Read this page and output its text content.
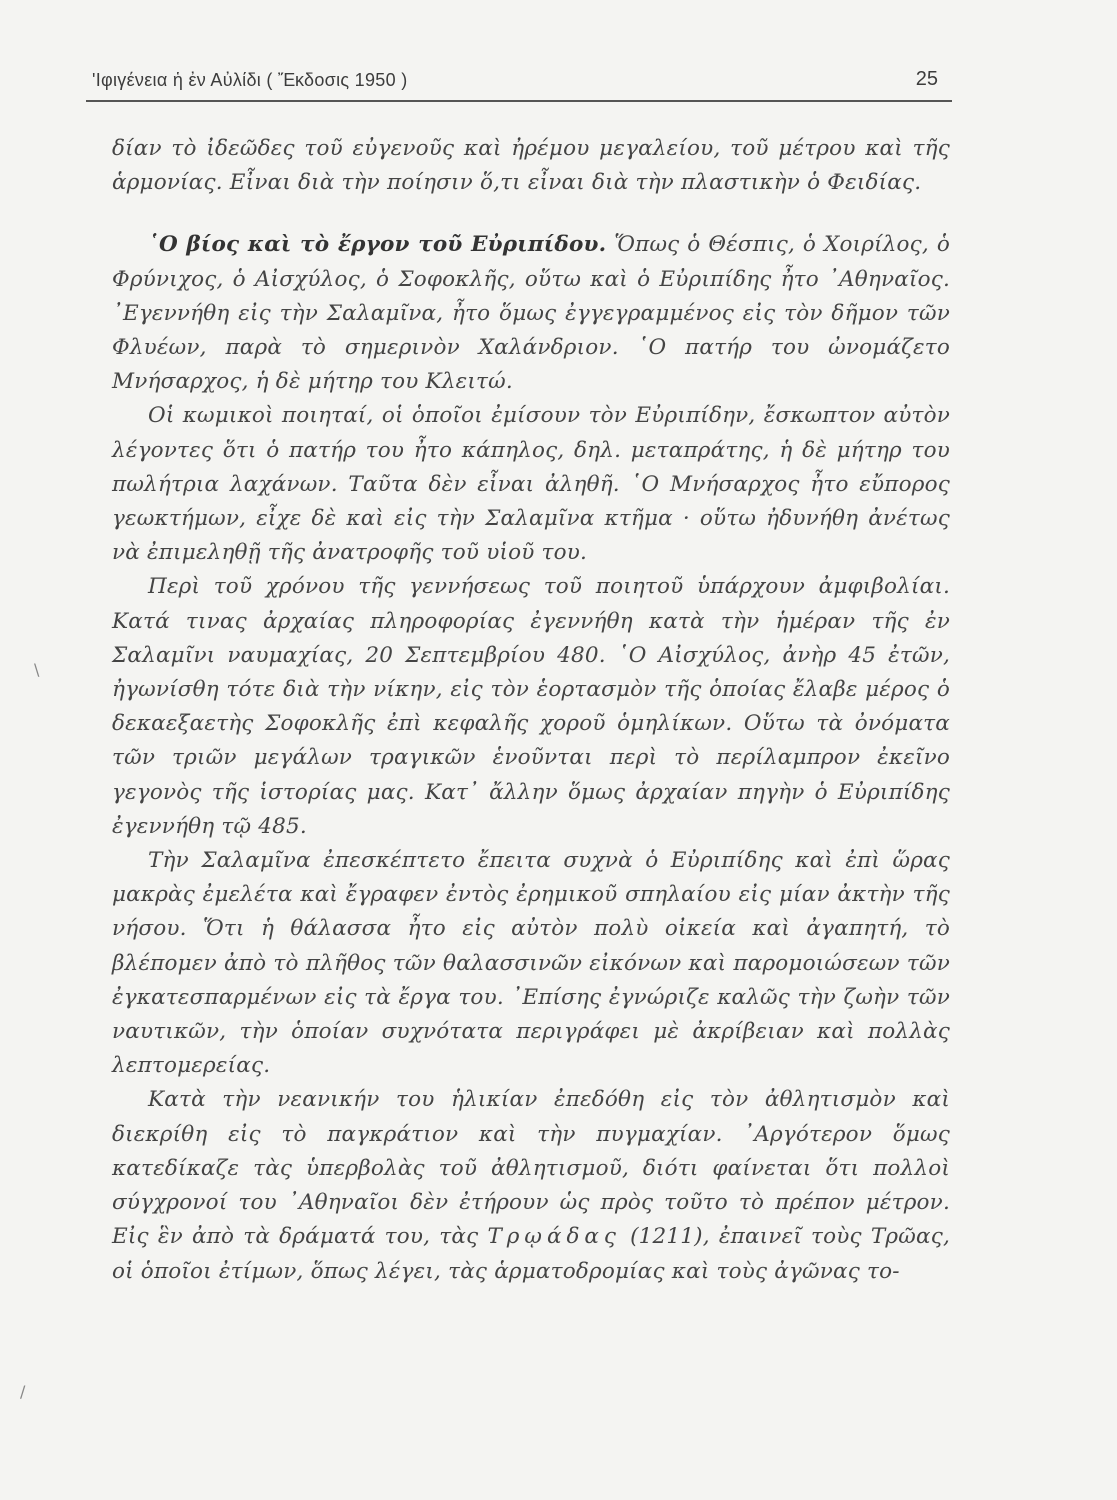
'Ιφιγένεια ἡ ἐν Αὐλίδι ( Ἔκδοσις 1950 )	25

δίαν τὸ ἰδεῶδες τοῦ εὐγενοῦς καὶ ἠρέμου μεγαλείου, τοῦ μέτρου καὶ τῆς ἁρμονίας. Εἶναι διὰ τὴν ποίησιν ὅ,τι εἶναι διὰ τὴν πλαστικὴν ὁ Φειδίας.

῾Ο βίος καὶ τὸ ἔργον τοῦ Εὐριπίδου. Ὅπως ὁ Θέσπις, ὁ Χοιρίλος, ὁ Φρύνιχος, ὁ Αἰσχύλος, ὁ Σοφοκλῆς, οὕτω καὶ ὁ Εὐριπίδης ἦτο ᾿Αθηναῖος. ᾿Εγεννήθη εἰς τὴν Σαλαμῖνα, ἦτο ὅμως ἐγγεγραμμένος εἰς τὸν δῆμον τῶν Φλυέων, παρὰ τὸ σημερινὸν Χαλάνδριον. ῾Ο πατήρ του ὠνομάζετο Μνήσαρχος, ἡ δὲ μήτηρ του Κλειτώ.

Οἱ κωμικοὶ ποιηταί, οἱ ὁποῖοι ἐμίσουν τὸν Εὐριπίδην, ἔσκωπτον αὐτὸν λέγοντες ὅτι ὁ πατήρ του ἦτο κάπηλος, δηλ. μεταπράτης, ἡ δὲ μήτηρ του πωλήτρια λαχάνων. Ταῦτα δὲν εἶναι ἀληθῆ. ῾Ο Μνήσαρχος ἦτο εὔπορος γεωκτήμων, εἶχε δὲ καὶ εἰς τὴν Σαλαμῖνα κτῆμα · οὕτω ἠδυνήθη ἀνέτως νὰ ἐπιμεληθῇ τῆς ἀνατροφῆς τοῦ υἱοῦ του.

Περὶ τοῦ χρόνου τῆς γεννήσεως τοῦ ποιητοῦ ὑπάρχουν ἀμφιβολίαι. Κατά τινας ἀρχαίας πληροφορίας ἐγεννήθη κατὰ τὴν ἡμέραν τῆς ἐν Σαλαμῖνι ναυμαχίας, 20 Σεπτεμβρίου 480. ῾Ο Αἰσχύλος, ἀνὴρ 45 ἐτῶν, ἠγωνίσθη τότε διὰ τὴν νίκην, εἰς τὸν ἑορτασμὸν τῆς ὁποίας ἔλαβε μέρος ὁ δεκαεξαετὴς Σοφοκλῆς ἐπὶ κεφαλῆς χοροῦ ὁμηλίκων. Οὕτω τὰ ὀνόματα τῶν τριῶν μεγάλων τραγικῶν ἑνοῦνται περὶ τὸ περίλαμπρον ἐκεῖνο γεγονὸς τῆς ἱστορίας μας. Κατ᾿ ἄλλην ὅμως ἀρχαίαν πηγὴν ὁ Εὐριπίδης ἐγεννήθη τῷ 485.

Τὴν Σαλαμῖνα ἐπεσκέπτετο ἔπειτα συχνὰ ὁ Εὐριπίδης καὶ ἐπὶ ὥρας μακρὰς ἐμελέτα καὶ ἔγραφεν ἐντὸς ἐρημικοῦ σπηλαίου εἰς μίαν ἀκτὴν τῆς νήσου. Ὅτι ἡ θάλασσα ἦτο εἰς αὐτὸν πολὺ οἰκεία καὶ ἀγαπητή, τὸ βλέπομεν ἀπὸ τὸ πλῆθος τῶν θαλασσινῶν εἰκόνων καὶ παρομοιώσεων τῶν ἐγκατεσπαρμένων εἰς τὰ ἔργα του. ᾿Επίσης ἐγνώριζε καλῶς τὴν ζωὴν τῶν ναυτικῶν, τὴν ὁποίαν συχνότατα περιγράφει μὲ ἀκρίβειαν καὶ πολλὰς λεπτομερείας.

Κατὰ τὴν νεανικήν του ἡλικίαν ἐπεδόθη εἰς τὸν ἀθλητισμὸν καὶ διεκρίθη εἰς τὸ παγκράτιον καὶ τὴν πυγμαχίαν. ᾿Αργότερον ὅμως κατεδίκαζε τὰς ὑπερβολὰς τοῦ ἀθλητισμοῦ, διότι φαίνεται ὅτι πολλοὶ σύγχρονοί του ᾿Αθηναῖοι δὲν ἐτήρουν ὡς πρὸς τοῦτο τὸ πρέπον μέτρον. Εἰς ἓν ἀπὸ τὰ δράματά του, τὰς Τρῳάδας (1211), ἐπαινεῖ τοὺς Τρῶας, οἱ ὁποῖοι ἐτίμων, ὅπως λέγει, τὰς ἁρματοδρομίας καὶ τοὺς ἀγῶνας το-

\
/
